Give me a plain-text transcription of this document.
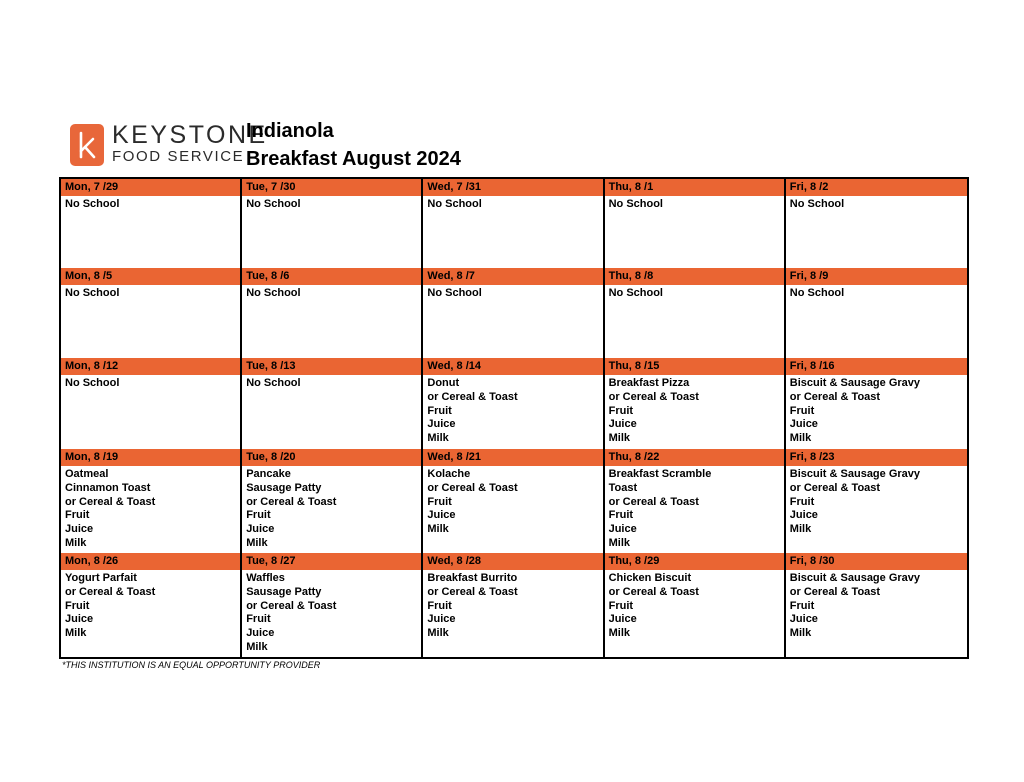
KEYSTONE
FOOD SERVICE
Indianola
Breakfast August 2024
Mon, 7 /29
No School
Tue, 7 /30
No School
Wed, 7 /31
No School
Thu, 8 /1
No School
Fri, 8 /2
No School
Mon, 8 /5
No School
Tue, 8 /6
No School
Wed, 8 /7
No School
Thu, 8 /8
No School
Fri, 8 /9
No School
Mon, 8 /12
No School
Tue, 8 /13
No School
Wed, 8 /14
Donut
or Cereal & Toast
Fruit
Juice
Milk
Thu, 8 /15
Breakfast Pizza
or Cereal & Toast
Fruit
Juice
Milk
Fri, 8 /16
Biscuit & Sausage Gravy
or Cereal & Toast
Fruit
Juice
Milk
Mon, 8 /19
Oatmeal
Cinnamon Toast
or Cereal & Toast
Fruit
Juice
Milk
Tue, 8 /20
Pancake
Sausage Patty
or Cereal & Toast
Fruit
Juice
Milk
Wed, 8 /21
Kolache
or Cereal & Toast
Fruit
Juice
Milk
Thu, 8 /22
Breakfast Scramble
Toast
or Cereal & Toast
Fruit
Juice
Milk
Fri, 8 /23
Biscuit & Sausage Gravy
or Cereal & Toast
Fruit
Juice
Milk
Mon, 8 /26
Yogurt Parfait
or Cereal & Toast
Fruit
Juice
Milk
Tue, 8 /27
Waffles
Sausage Patty
or Cereal & Toast
Fruit
Juice
Milk
Wed, 8 /28
Breakfast Burrito
or Cereal & Toast
Fruit
Juice
Milk
Thu, 8 /29
Chicken Biscuit
or Cereal & Toast
Fruit
Juice
Milk
Fri, 8 /30
Biscuit & Sausage Gravy
or Cereal & Toast
Fruit
Juice
Milk
*THIS INSTITUTION IS AN EQUAL OPPORTUNITY PROVIDER
